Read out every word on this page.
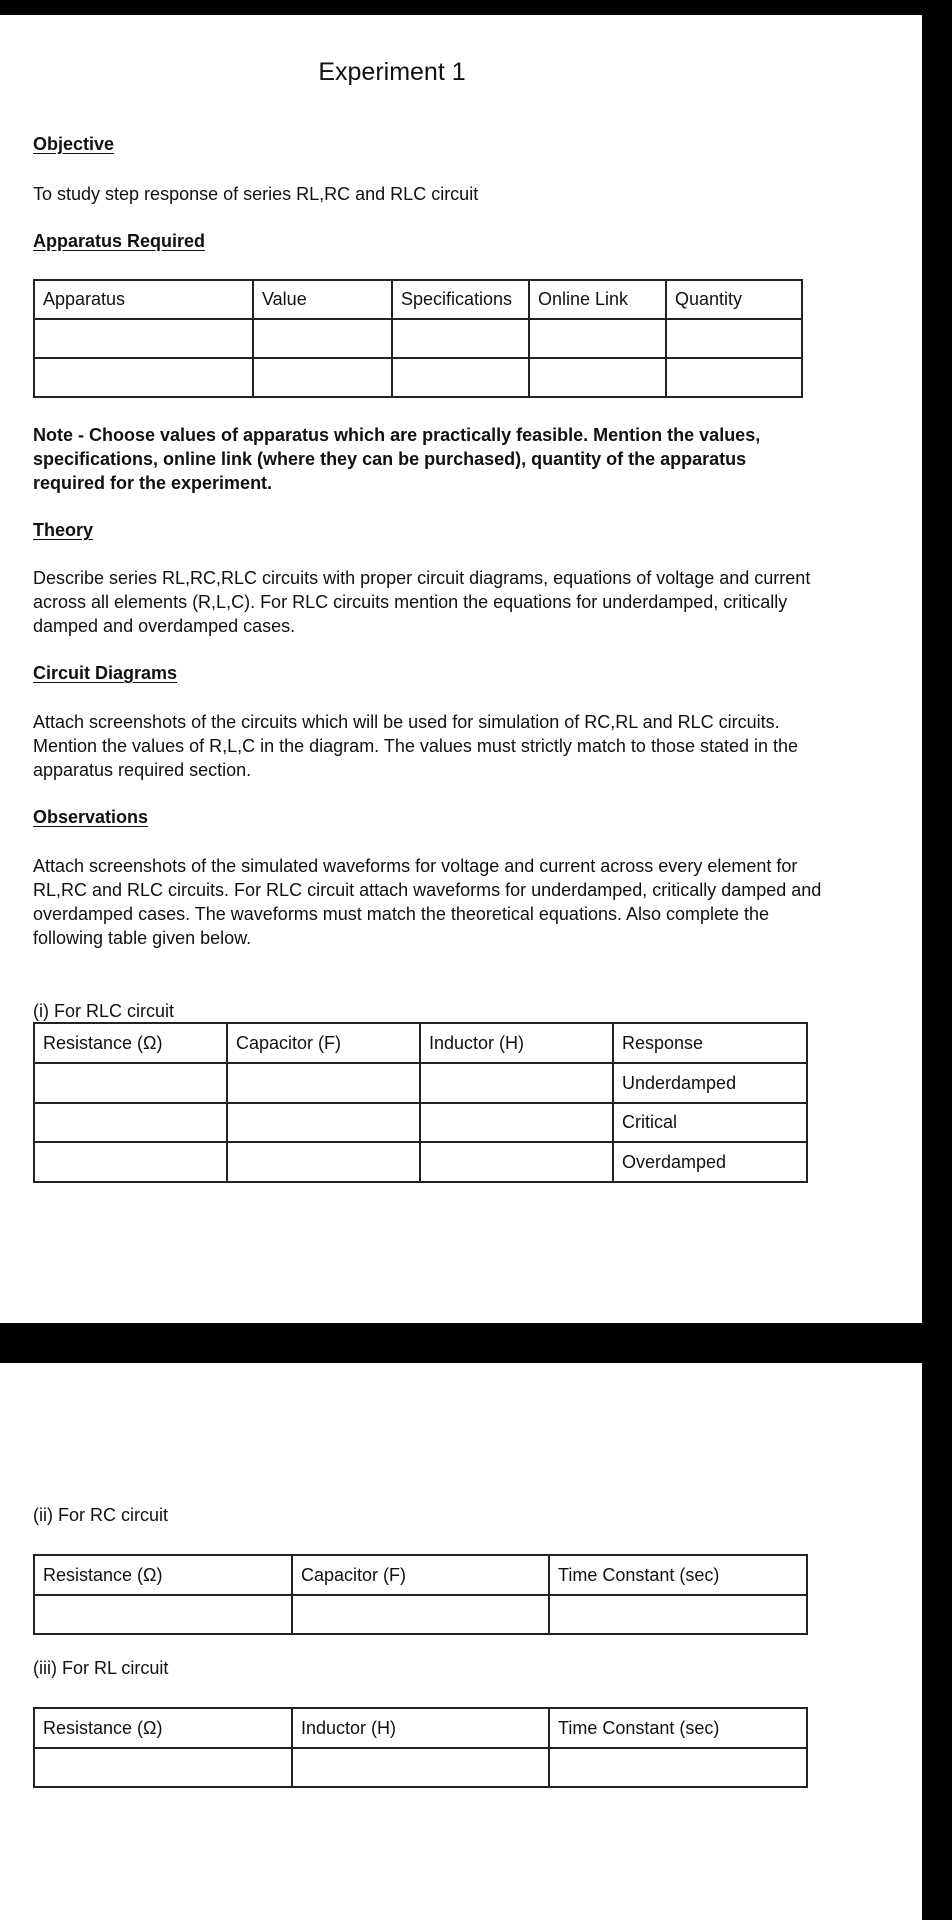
Experiment 1
Objective
To study step response of series RL,RC and RLC circuit
Apparatus Required
Apparatus	Value	Specifications	Online Link	Quantity

Note - Choose values of apparatus which are practically feasible. Mention the values, specifications, online link (where they can be purchased), quantity of the apparatus required for the experiment.
Theory
Describe series RL,RC,RLC circuits with proper circuit diagrams, equations of voltage and current across all elements (R,L,C). For RLC circuits mention the equations for underdamped, critically damped and overdamped cases.
Circuit Diagrams
Attach screenshots of the circuits which will be used for simulation of RC,RL and RLC circuits. Mention the values of R,L,C in the diagram. The values must strictly match to those stated in the apparatus required section.
Observations
Attach screenshots of the simulated waveforms for voltage and current across every element for RL,RC and RLC circuits. For RLC circuit attach waveforms for underdamped, critically damped and overdamped cases. The waveforms must match the theoretical equations. Also complete the following table given below.
(i) For RLC circuit
Resistance (Ω)	Capacitor (F)	Inductor (H)	Response
			Underdamped
			Critical
			Overdamped
(ii) For RC circuit
Resistance (Ω)	Capacitor (F)	Time Constant (sec)

(iii) For RL circuit
Resistance (Ω)	Inductor (H)	Time Constant (sec)
